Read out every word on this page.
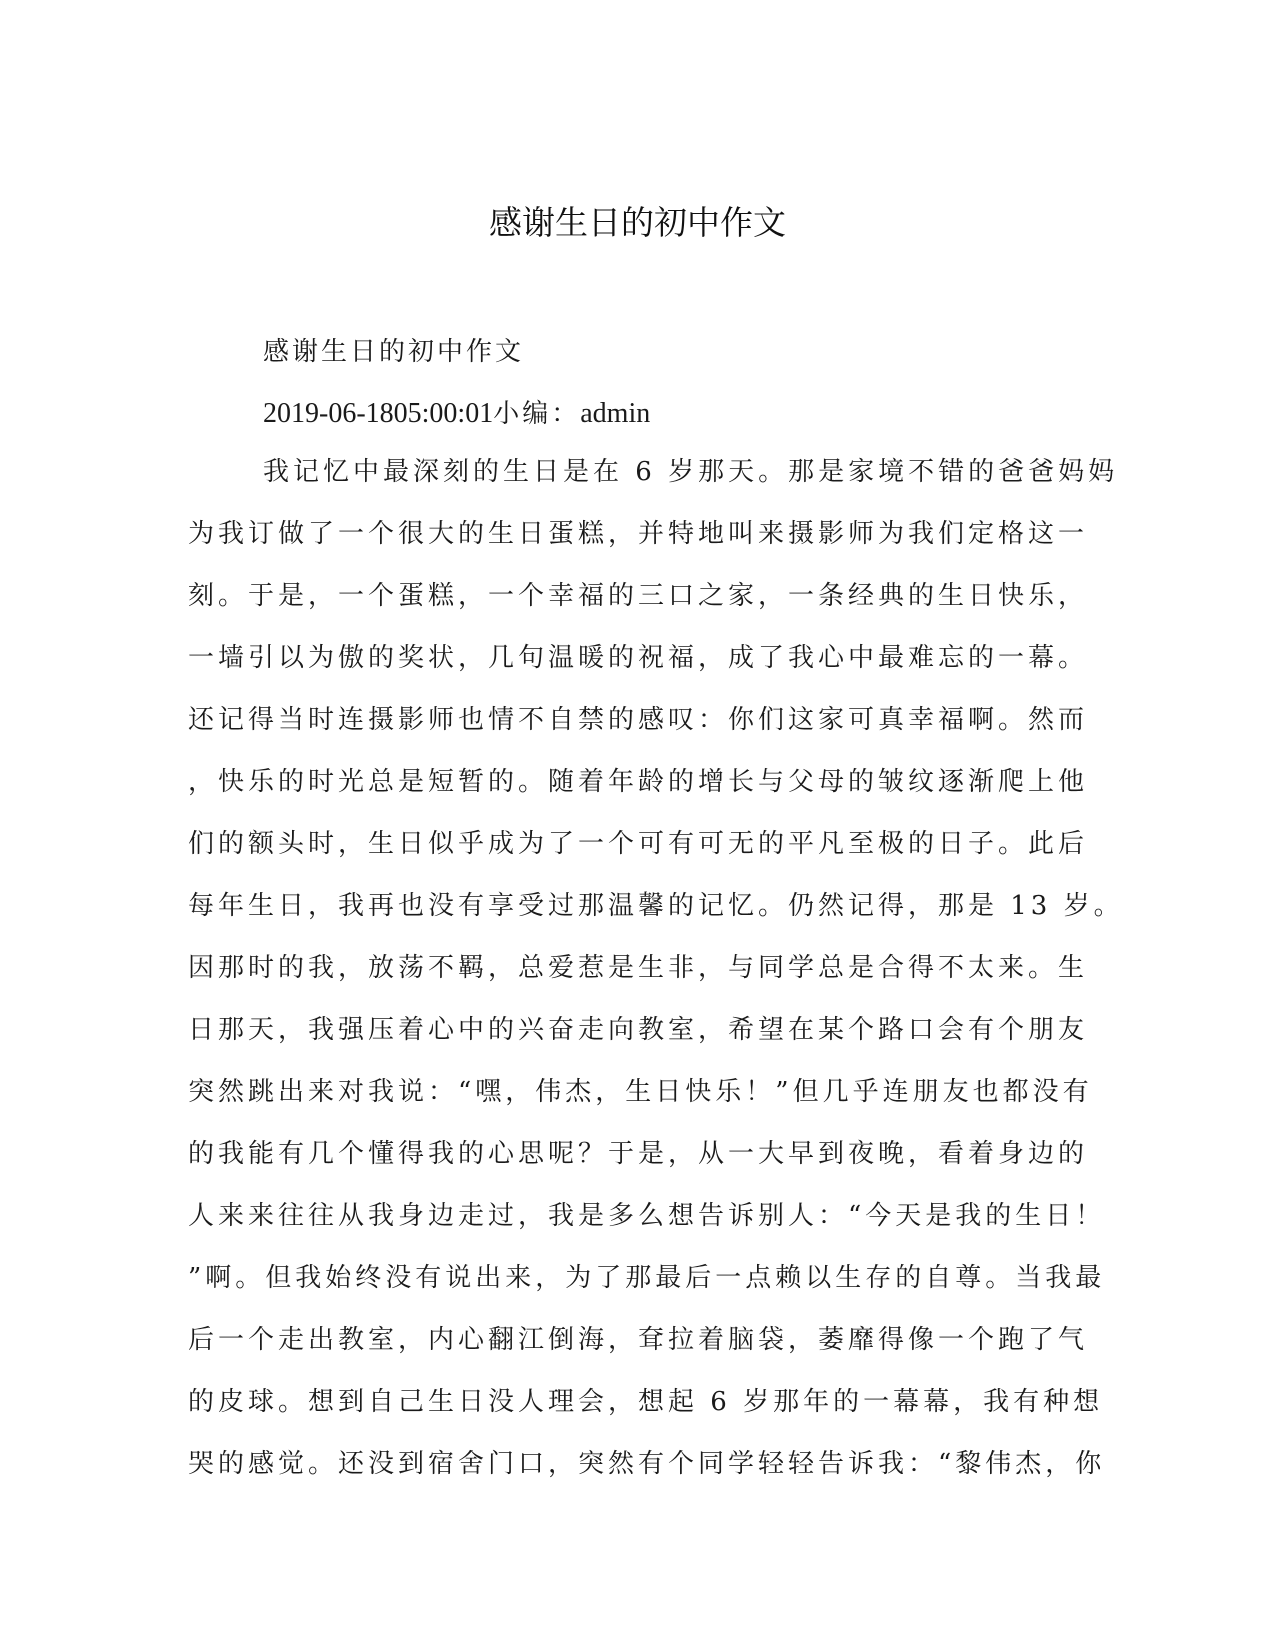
感谢生日的初中作文
感谢生日的初中作文
2019-06-1805:00:01小编：admin
我记忆中最深刻的生日是在 6 岁那天。那是家境不错的爸爸妈妈
为我订做了一个很大的生日蛋糕，并特地叫来摄影师为我们定格这一
刻。于是，一个蛋糕，一个幸福的三口之家，一条经典的生日快乐，
一墙引以为傲的奖状，几句温暖的祝福，成了我心中最难忘的一幕。
还记得当时连摄影师也情不自禁的感叹：你们这家可真幸福啊。然而
，快乐的时光总是短暂的。随着年龄的增长与父母的皱纹逐渐爬上他
们的额头时，生日似乎成为了一个可有可无的平凡至极的日子。此后
每年生日，我再也没有享受过那温馨的记忆。仍然记得，那是 13 岁。
因那时的我，放荡不羁，总爱惹是生非，与同学总是合得不太来。生
日那天，我强压着心中的兴奋走向教室，希望在某个路口会有个朋友
突然跳出来对我说：“嘿，伟杰，生日快乐！”但几乎连朋友也都没有
的我能有几个懂得我的心思呢？于是，从一大早到夜晚，看着身边的
人来来往往从我身边走过，我是多么想告诉别人：“今天是我的生日！
”啊。但我始终没有说出来，为了那最后一点赖以生存的自尊。当我最
后一个走出教室，内心翻江倒海，耷拉着脑袋，萎靡得像一个跑了气
的皮球。想到自己生日没人理会，想起 6 岁那年的一幕幕，我有种想
哭的感觉。还没到宿舍门口，突然有个同学轻轻告诉我：“黎伟杰，你
